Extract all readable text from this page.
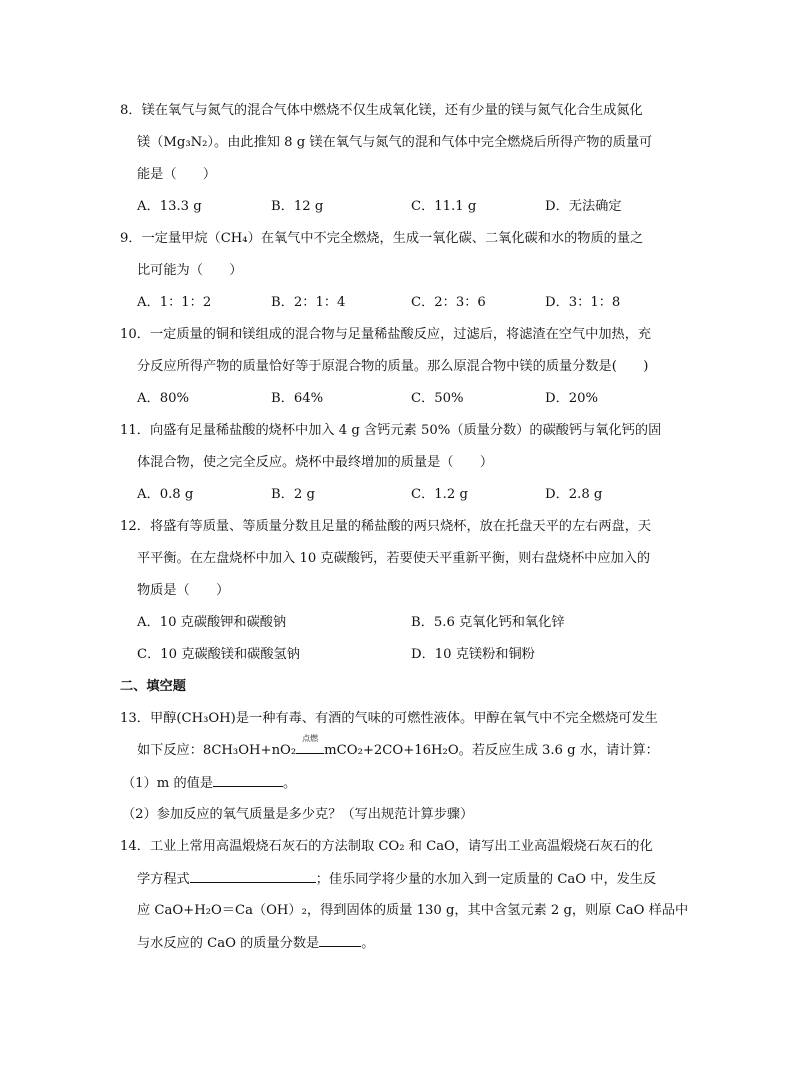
8．镁在氧气与氮气的混合气体中燃烧不仅生成氧化镁，还有少量的镁与氮气化合生成氮化
镁（Mg₃N₂）。由此推知 8 g 镁在氧气与氮气的混和气体中完全燃烧后所得产物的质量可
能是（　　）
A．13.3 g	B．12 g	C．11.1 g	D．无法确定
9．一定量甲烷（CH₄）在氧气中不完全燃烧，生成一氧化碳、二氧化碳和水的物质的量之
比可能为（　　）
A．1：1：2	B．2：1：4	C．2：3：6	D．3：1：8
10．一定质量的铜和镁组成的混合物与足量稀盐酸反应，过滤后，将滤渣在空气中加热，充
分反应所得产物的质量恰好等于原混合物的质量。那么原混合物中镁的质量分数是(　　)
A．80%	B．64%	C．50%	D．20%
11．向盛有足量稀盐酸的烧杯中加入 4 g 含钙元素 50%（质量分数）的碳酸钙与氧化钙的固
体混合物，使之完全反应。烧杯中最终增加的质量是（　　）
A．0.8 g	B．2 g	C．1.2 g	D．2.8 g
12．将盛有等质量、等质量分数且足量的稀盐酸的两只烧杯，放在托盘天平的左右两盘，天
平平衡。在左盘烧杯中加入 10 克碳酸钙，若要使天平重新平衡，则右盘烧杯中应加入的
物质是（　　）
A．10 克碳酸钾和碳酸钠	B．5.6 克氧化钙和氧化锌
C．10 克碳酸镁和碳酸氢钠	D．10 克镁粉和铜粉
二、填空题
13．甲醇(CH₃OH)是一种有毒、有酒的气味的可燃性液体。甲醇在氧气中不完全燃烧可发生
如下反应：8CH₃OH+nO₂
点燃
mCO₂+2CO+16H₂O。若反应生成 3.6 g 水，请计算：
（1）m 的值是	。
（2）参加反应的氧气质量是多少克？（写出规范计算步骤）
14．工业上常用高温煅烧石灰石的方法制取 CO₂ 和 CaO，请写出工业高温煅烧石灰石的化
学方程式	；佳乐同学将少量的水加入到一定质量的 CaO 中，发生反
应 CaO+H₂O＝Ca（OH）₂，得到固体的质量 130 g，其中含氢元素 2 g，则原 CaO 样品中
与水反应的 CaO 的质量分数是	。
